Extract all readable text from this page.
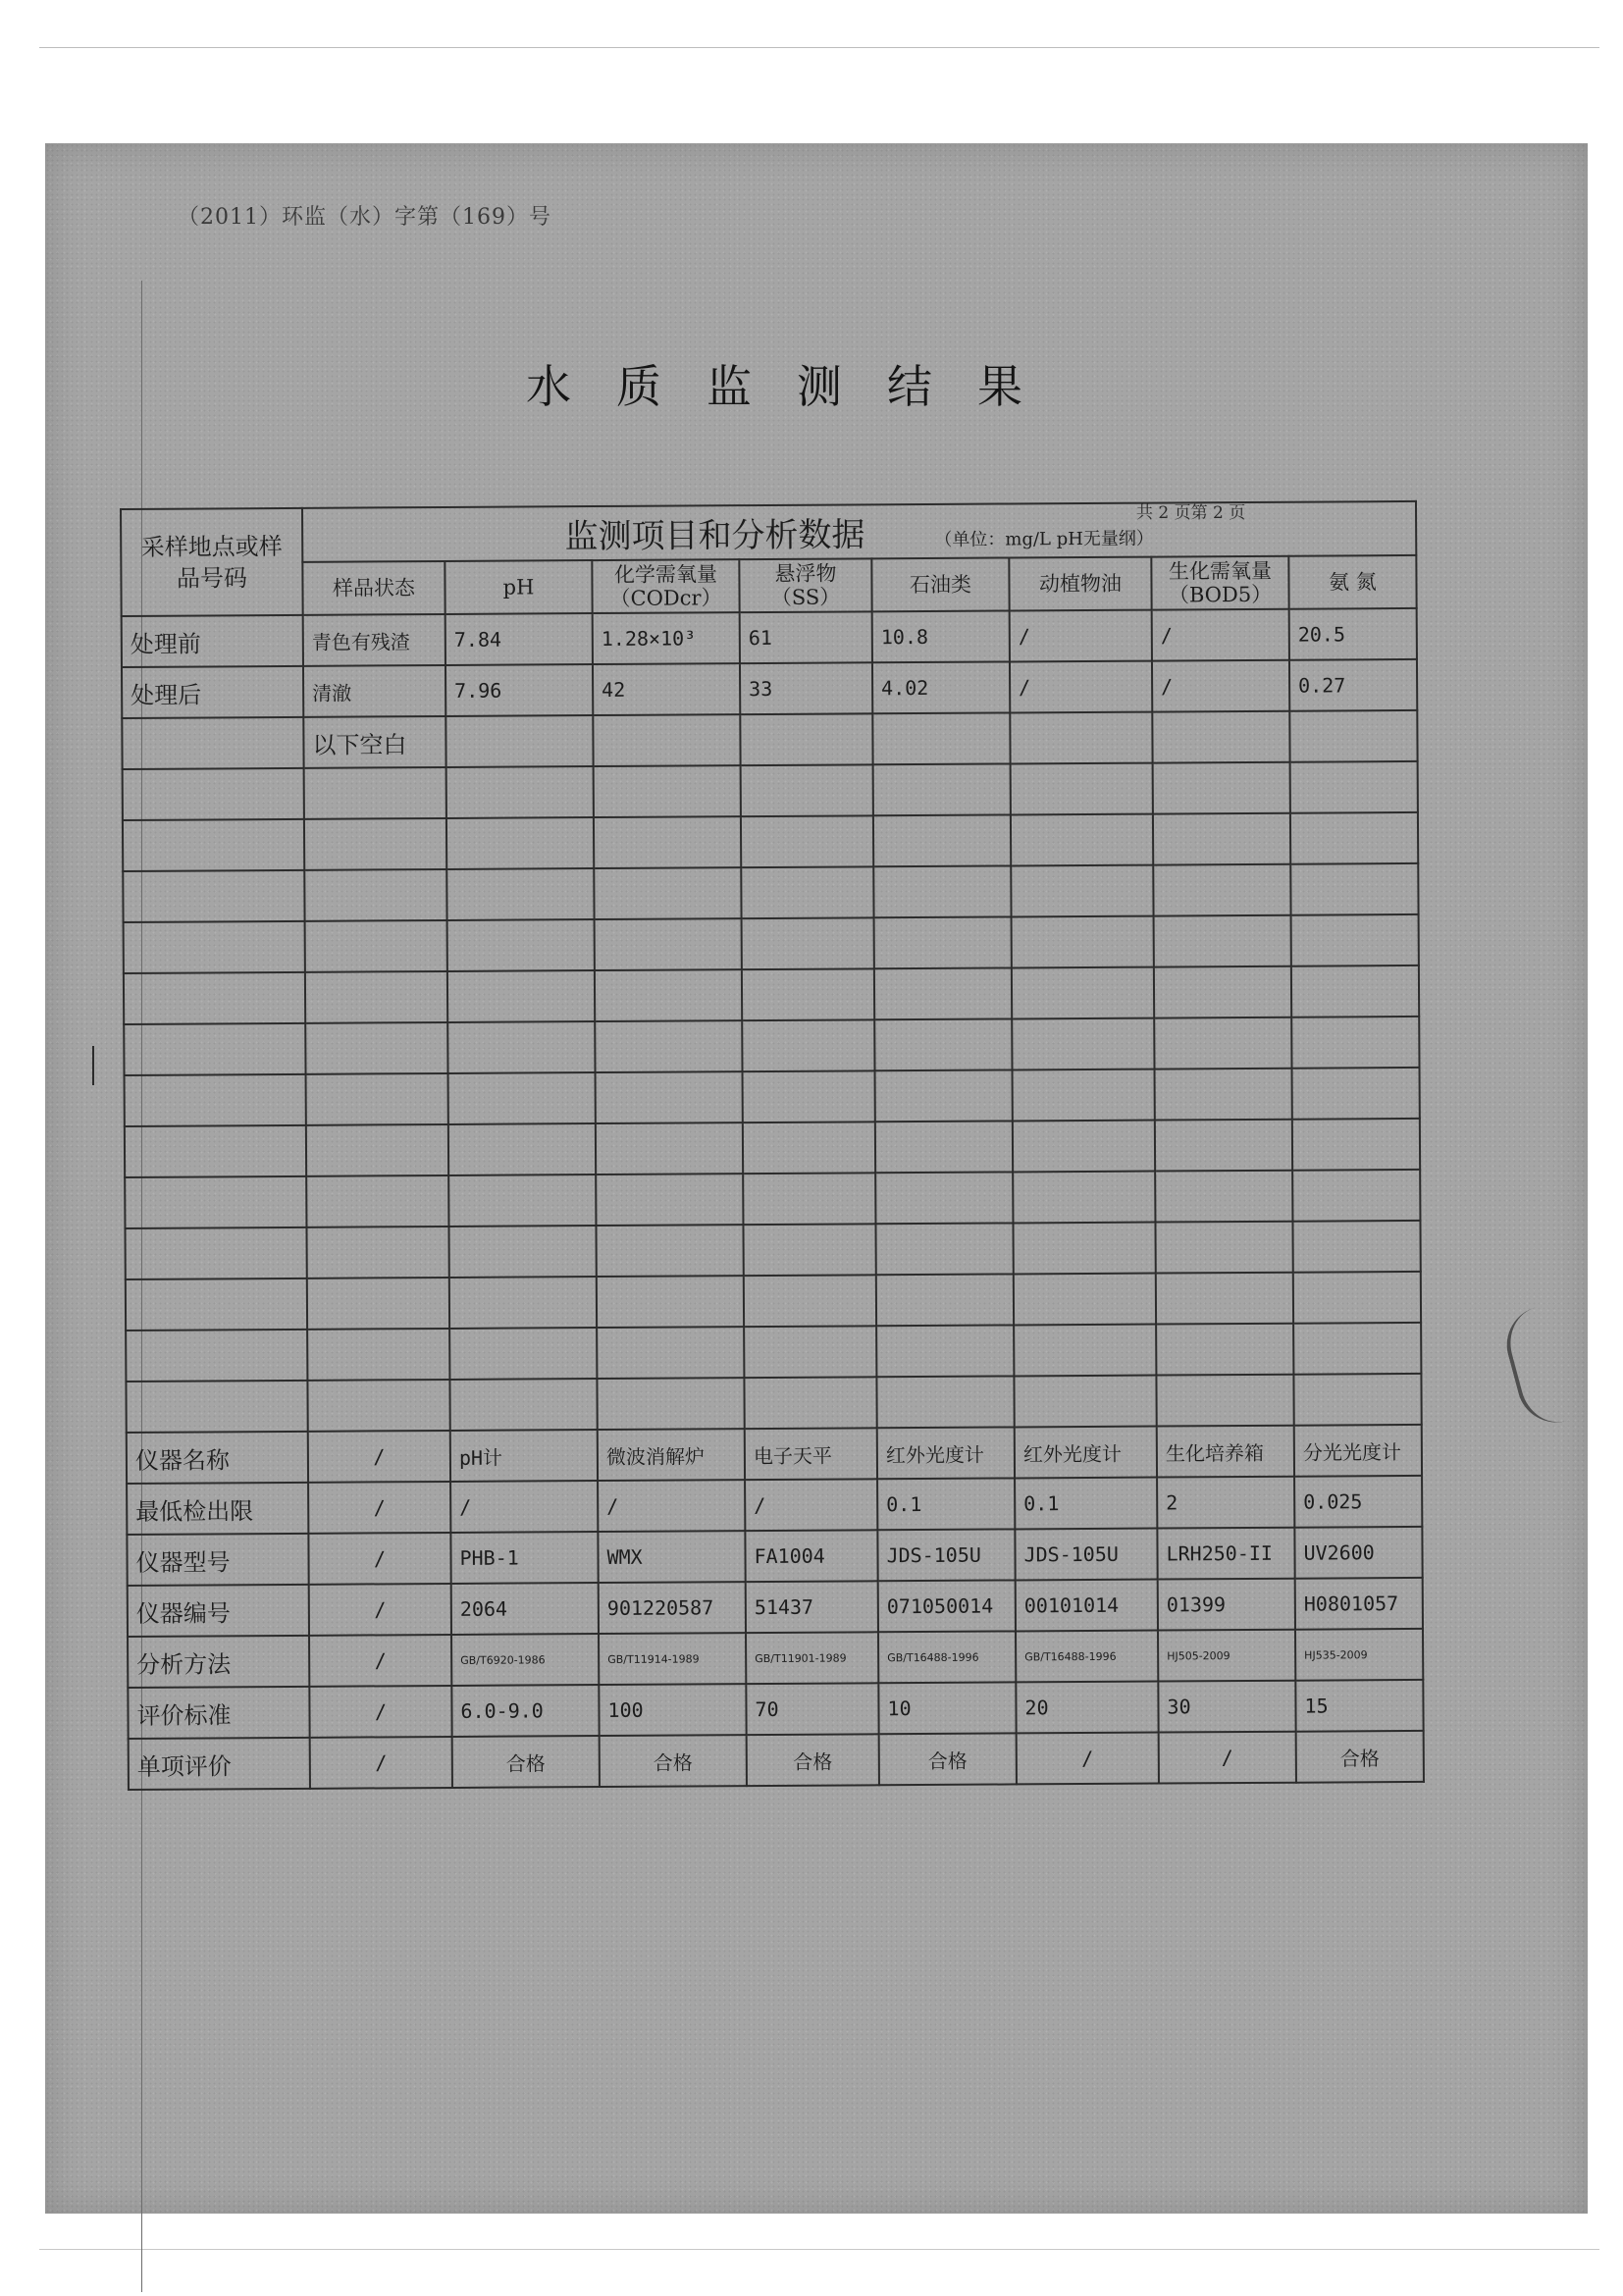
（2011）环监（水）字第（169）号
水质监测结果
共 2 页第 2 页
采样地点或样品号码	监测项目和分析数据 （单位：mg/L pH无量纲）							
	样品状态	pH	化学需氧量（CODcr）	悬浮物（SS）	石油类	动植物油	生化需氧量（BOD5）	氨 氮
处理前	青色有残渣	7.84	1.28×10³	61	10.8	/	/	20.5
处理后	清澈	7.96	42	33	4.02	/	/	0.27
	以下空白							

仪器名称	/	pH计	微波消解炉	电子天平	红外光度计	红外光度计	生化培养箱	分光光度计
最低检出限	/	/	/	/	0.1	0.1	2	0.025
仪器型号	/	PHB-1	WMX	FA1004	JDS-105U	JDS-105U	LRH250-II	UV2600
仪器编号	/	2064	901220587	51437	071050014	00101014	01399	H0801057
分析方法	/	GB/T6920-1986	GB/T11914-1989	GB/T11901-1989	GB/T16488-1996	GB/T16488-1996	HJ505-2009	HJ535-2009
评价标准	/	6.0-9.0	100	70	10	20	30	15
单项评价	/	合格	合格	合格	合格	/	/	合格
